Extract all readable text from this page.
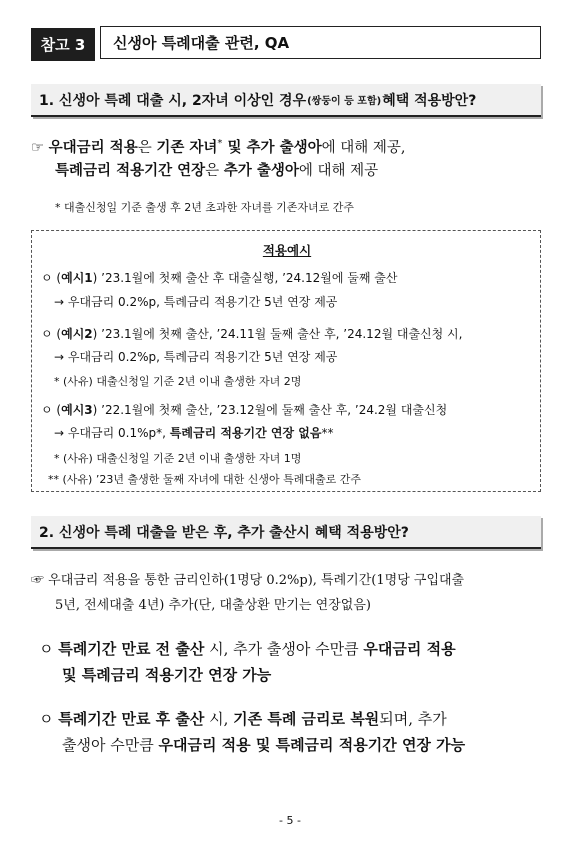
참고 3	신생아 특례대출 관련, QA
1. 신생아 특례 대출 시, 2자녀 이상인 경우 (쌍둥이 등 포함) 혜택 적용방안?
☞ 우대금리 적용은 기존 자녀* 및 추가 출생아에 대해 제공,
특례금리 적용기간 연장은 추가 출생아에 대해 제공
* 대출신청일 기준 출생 후 2년 초과한 자녀를 기존자녀로 간주
적용예시
ㅇ (예시1) ’23.1월에 첫째 출산 후 대출실행, ’24.12월에 둘째 출산
→ 우대금리 0.2%p, 특례금리 적용기간 5년 연장 제공
ㅇ (예시2) ’23.1월에 첫째 출산, ’24.11월 둘째 출산 후, ’24.12월 대출신청 시,
→ 우대금리 0.2%p, 특례금리 적용기간 5년 연장 제공
* (사유) 대출신청일 기준 2년 이내 출생한 자녀 2명
ㅇ (예시3) ’22.1월에 첫째 출산, ’23.12월에 둘째 출산 후, ’24.2월 대출신청
→ 우대금리 0.1%p*, 특례금리 적용기간 연장 없음**
* (사유) 대출신청일 기준 2년 이내 출생한 자녀 1명
** (사유) ’23년 출생한 둘째 자녀에 대한 신생아 특례대출로 간주
2. 신생아 특례 대출을 받은 후, 추가 출산시 혜택 적용방안?
☞ 우대금리 적용을 통한 금리인하(1명당 0.2%p), 특례기간(1명당 구입대출
5년, 전세대출 4년) 추가(단, 대출상환 만기는 연장없음)
ㅇ 특례기간 만료 전 출산 시, 추가 출생아 수만큼 우대금리 적용
및 특례금리 적용기간 연장 가능
ㅇ 특례기간 만료 후 출산 시, 기존 특례 금리로 복원되며, 추가
출생아 수만큼 우대금리 적용 및 특례금리 적용기간 연장 가능
- 5 -
